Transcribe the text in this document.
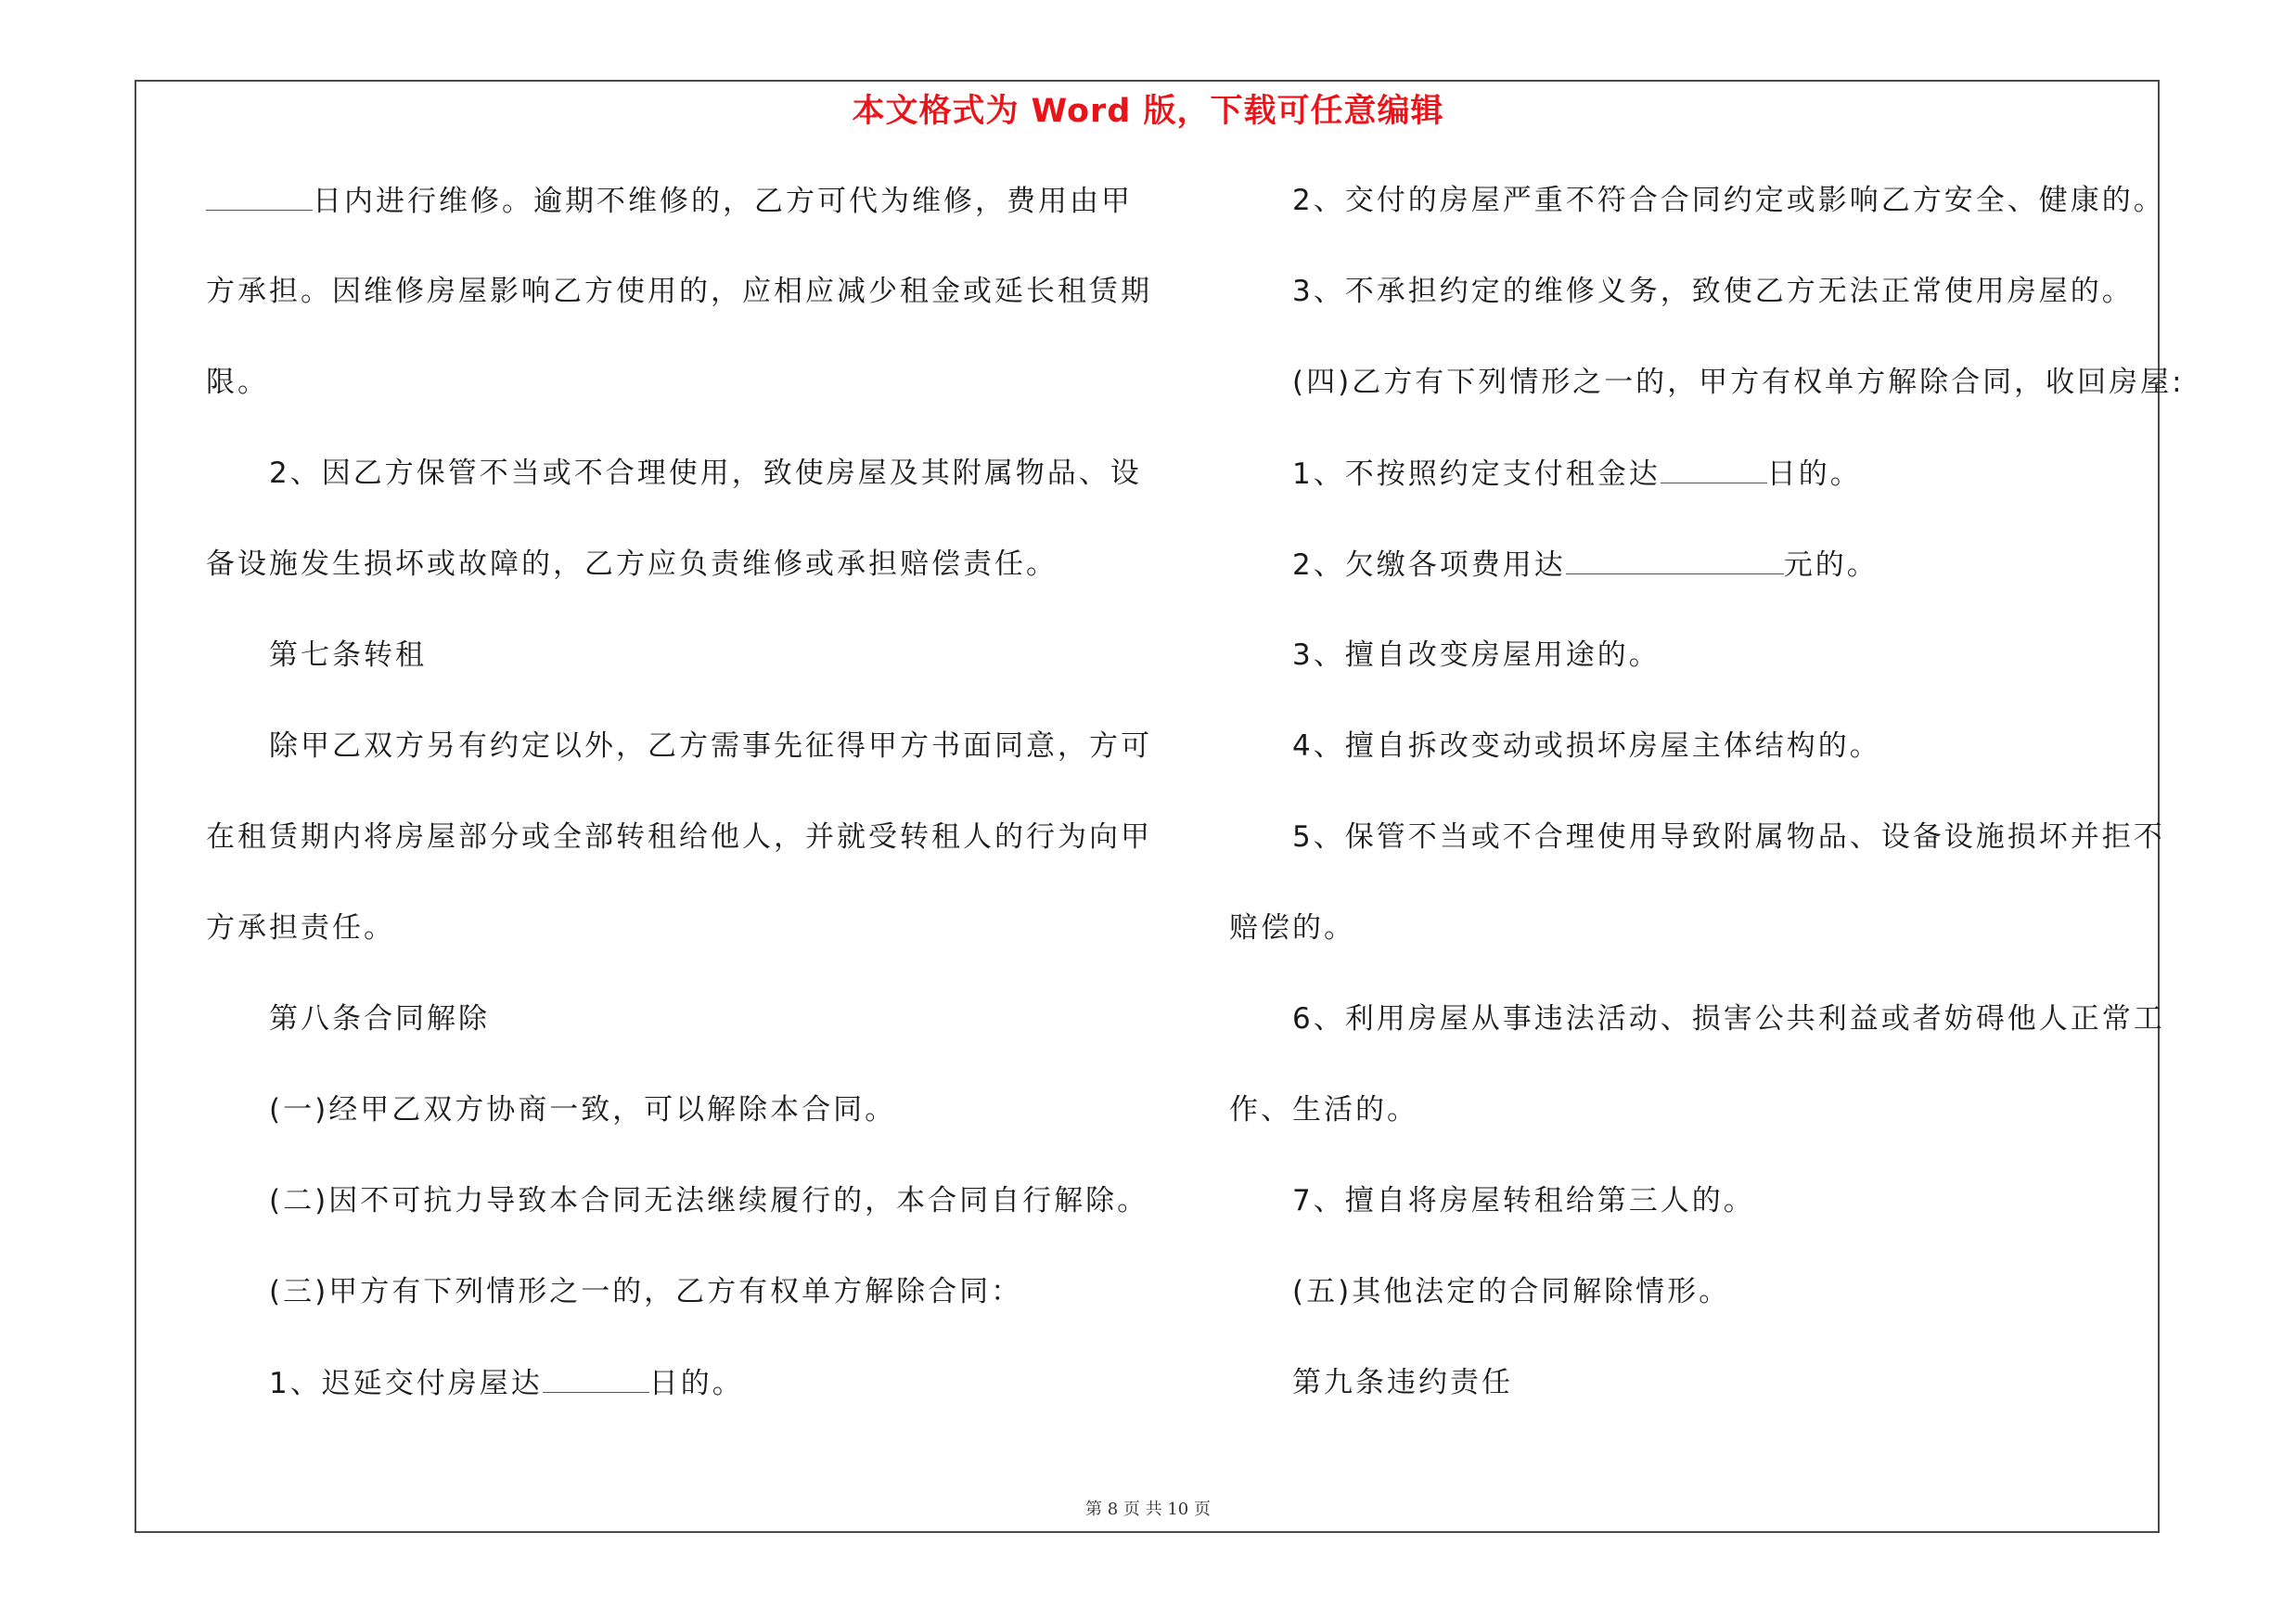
本文格式为 Word 版，下载可任意编辑
日内进行维修。逾期不维修的，乙方可代为维修，费用由甲
方承担。因维修房屋影响乙方使用的，应相应减少租金或延长租赁期
限。
2、因乙方保管不当或不合理使用，致使房屋及其附属物品、设
备设施发生损坏或故障的，乙方应负责维修或承担赔偿责任。
第七条转租
除甲乙双方另有约定以外，乙方需事先征得甲方书面同意，方可
在租赁期内将房屋部分或全部转租给他人，并就受转租人的行为向甲
方承担责任。
第八条合同解除
(一)经甲乙双方协商一致，可以解除本合同。
(二)因不可抗力导致本合同无法继续履行的，本合同自行解除。
(三)甲方有下列情形之一的，乙方有权单方解除合同：
1、迟延交付房屋达	日的。
2、交付的房屋严重不符合合同约定或影响乙方安全、健康的。
3、不承担约定的维修义务，致使乙方无法正常使用房屋的。
(四)乙方有下列情形之一的，甲方有权单方解除合同，收回房屋:
1、不按照约定支付租金达	日的。
2、欠缴各项费用达	元的。
3、擅自改变房屋用途的。
4、擅自拆改变动或损坏房屋主体结构的。
5、保管不当或不合理使用导致附属物品、设备设施损坏并拒不
赔偿的。
6、利用房屋从事违法活动、损害公共利益或者妨碍他人正常工
作、生活的。
7、擅自将房屋转租给第三人的。
(五)其他法定的合同解除情形。
第九条违约责任
第 8 页 共 10 页
